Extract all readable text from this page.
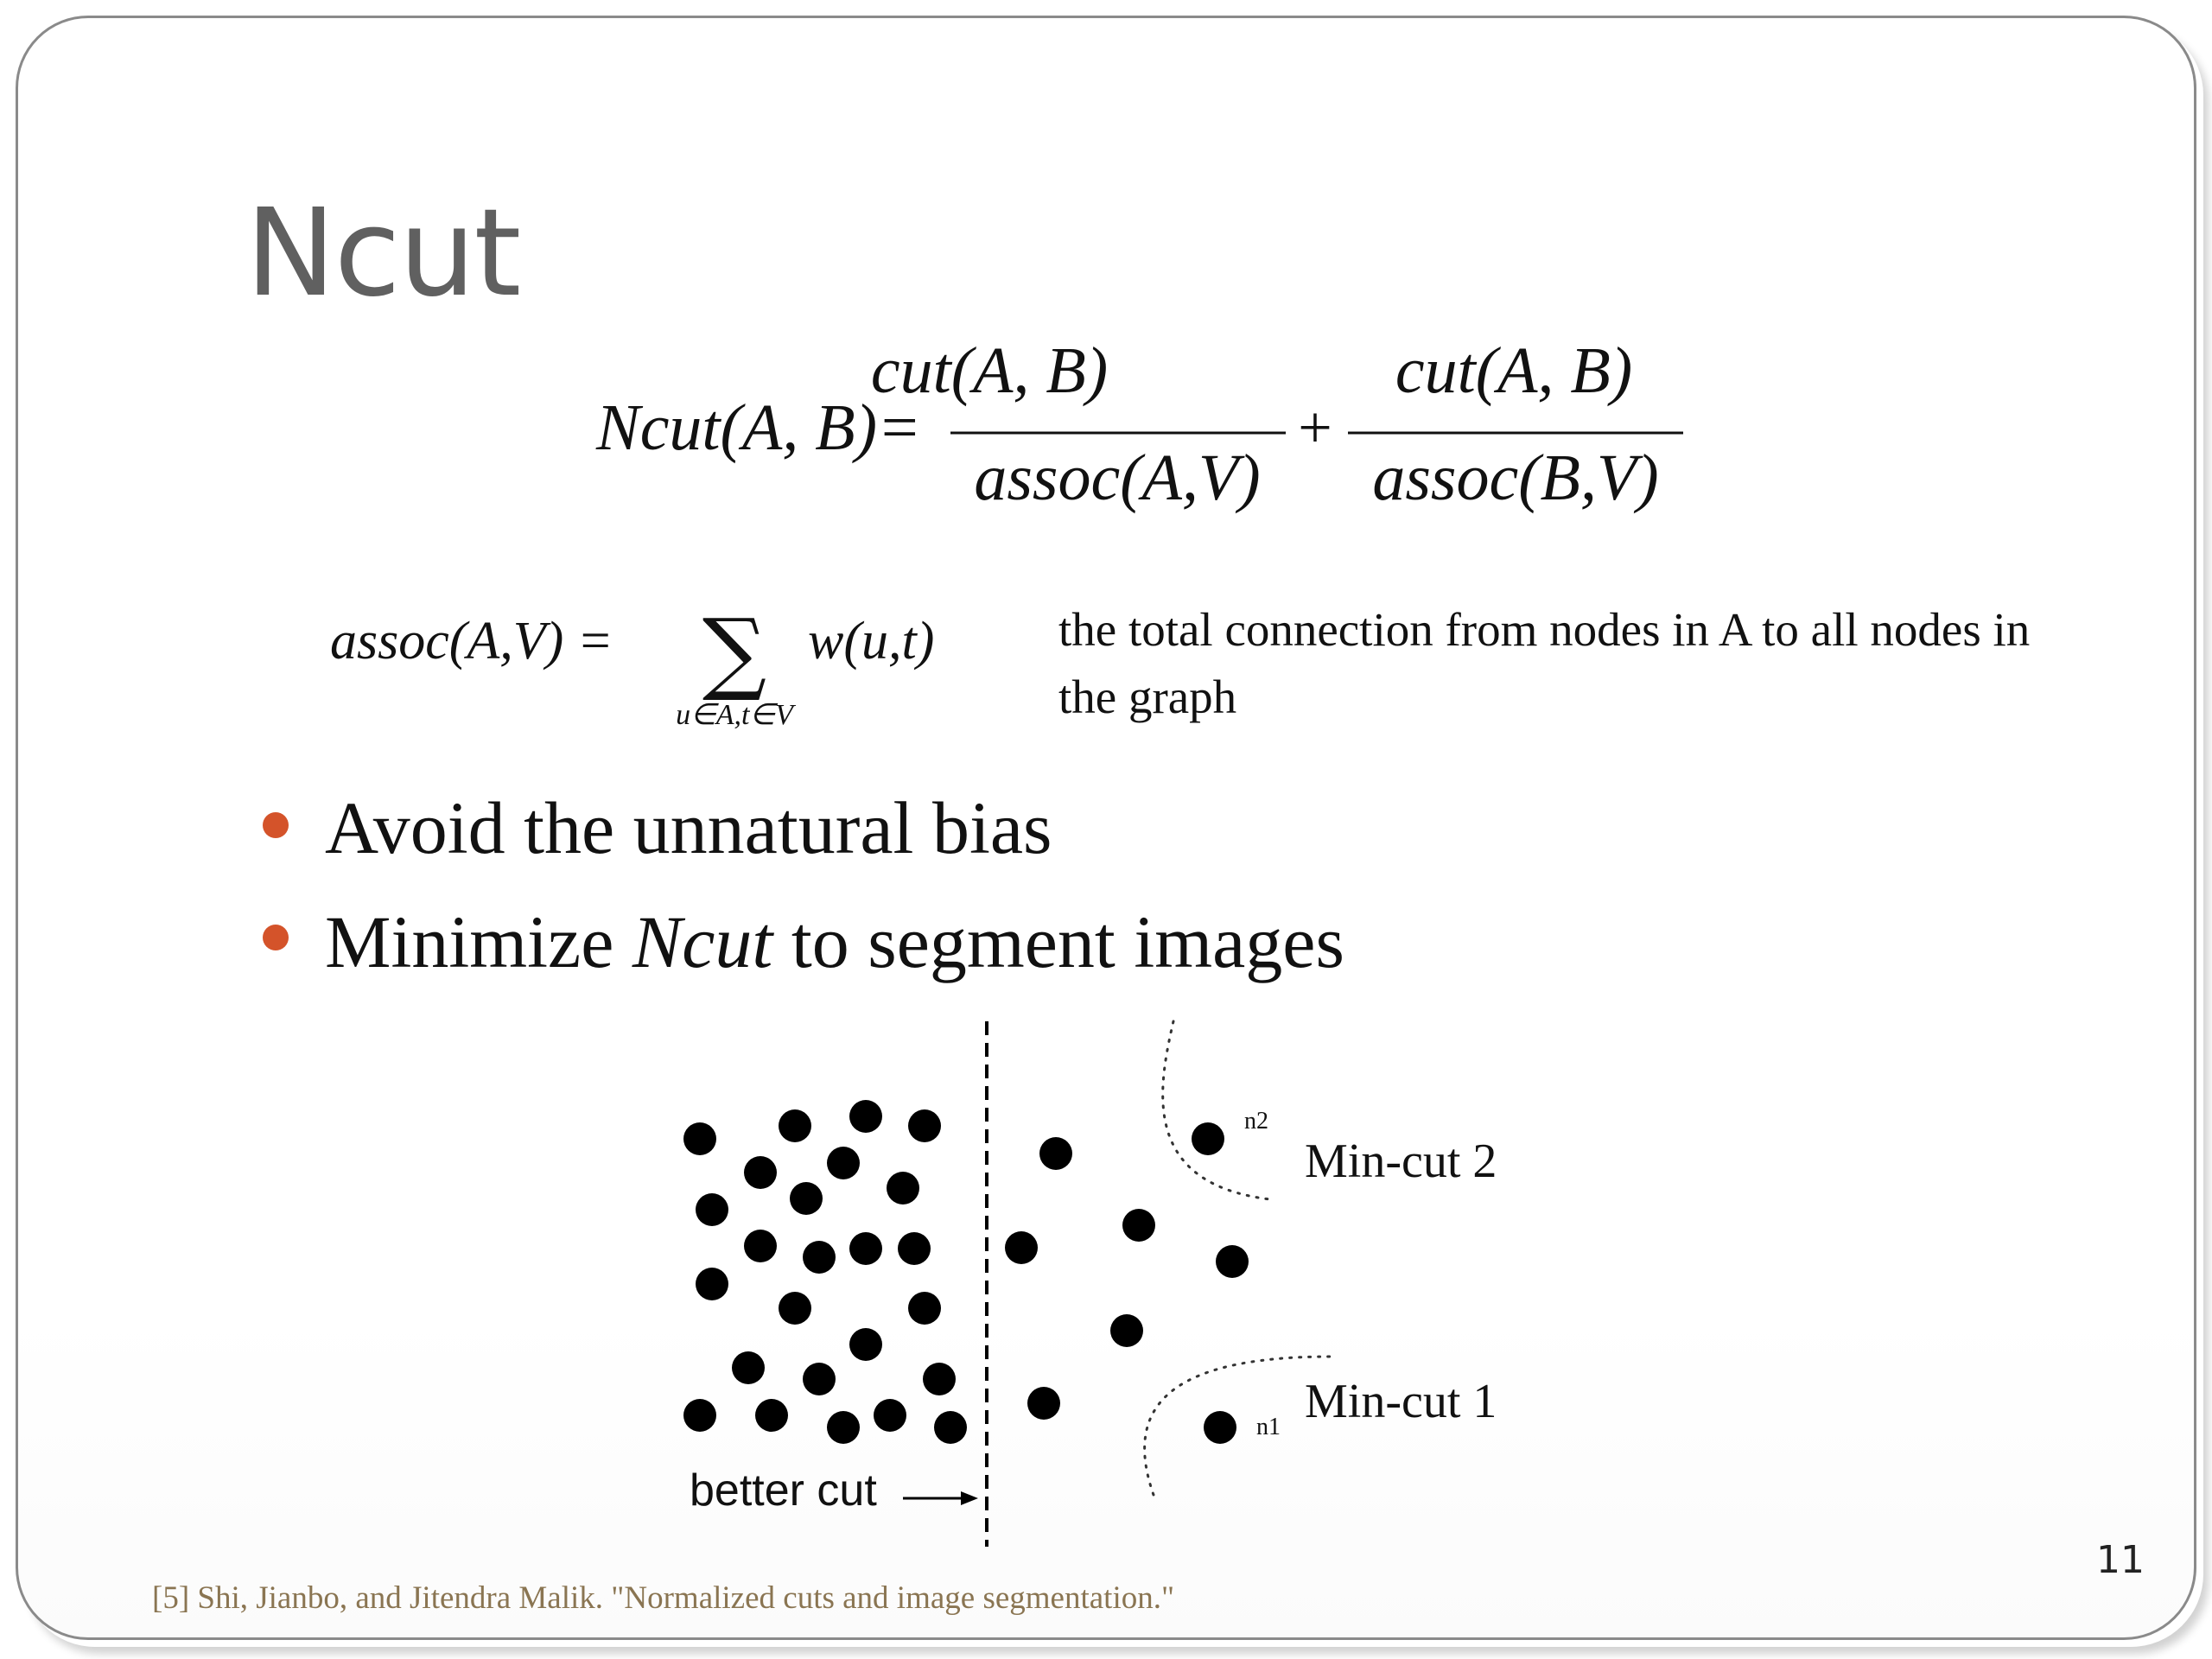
Ncut
Ncut(A, B)=
cut(A, B)
assoc(A,V)
+
cut(A, B)
assoc(B,V)
assoc(A,V) = ∑
u∈A,t∈V
w(u,t)	the total connection from nodes in A to all nodes in the graph
Avoid the unnatural bias
Minimize Ncut to segment images
n2
n1
Min-cut 2
Min-cut 1
better cut
[5] Shi, Jianbo, and Jitendra Malik. "Normalized cuts and image segmentation."
11
